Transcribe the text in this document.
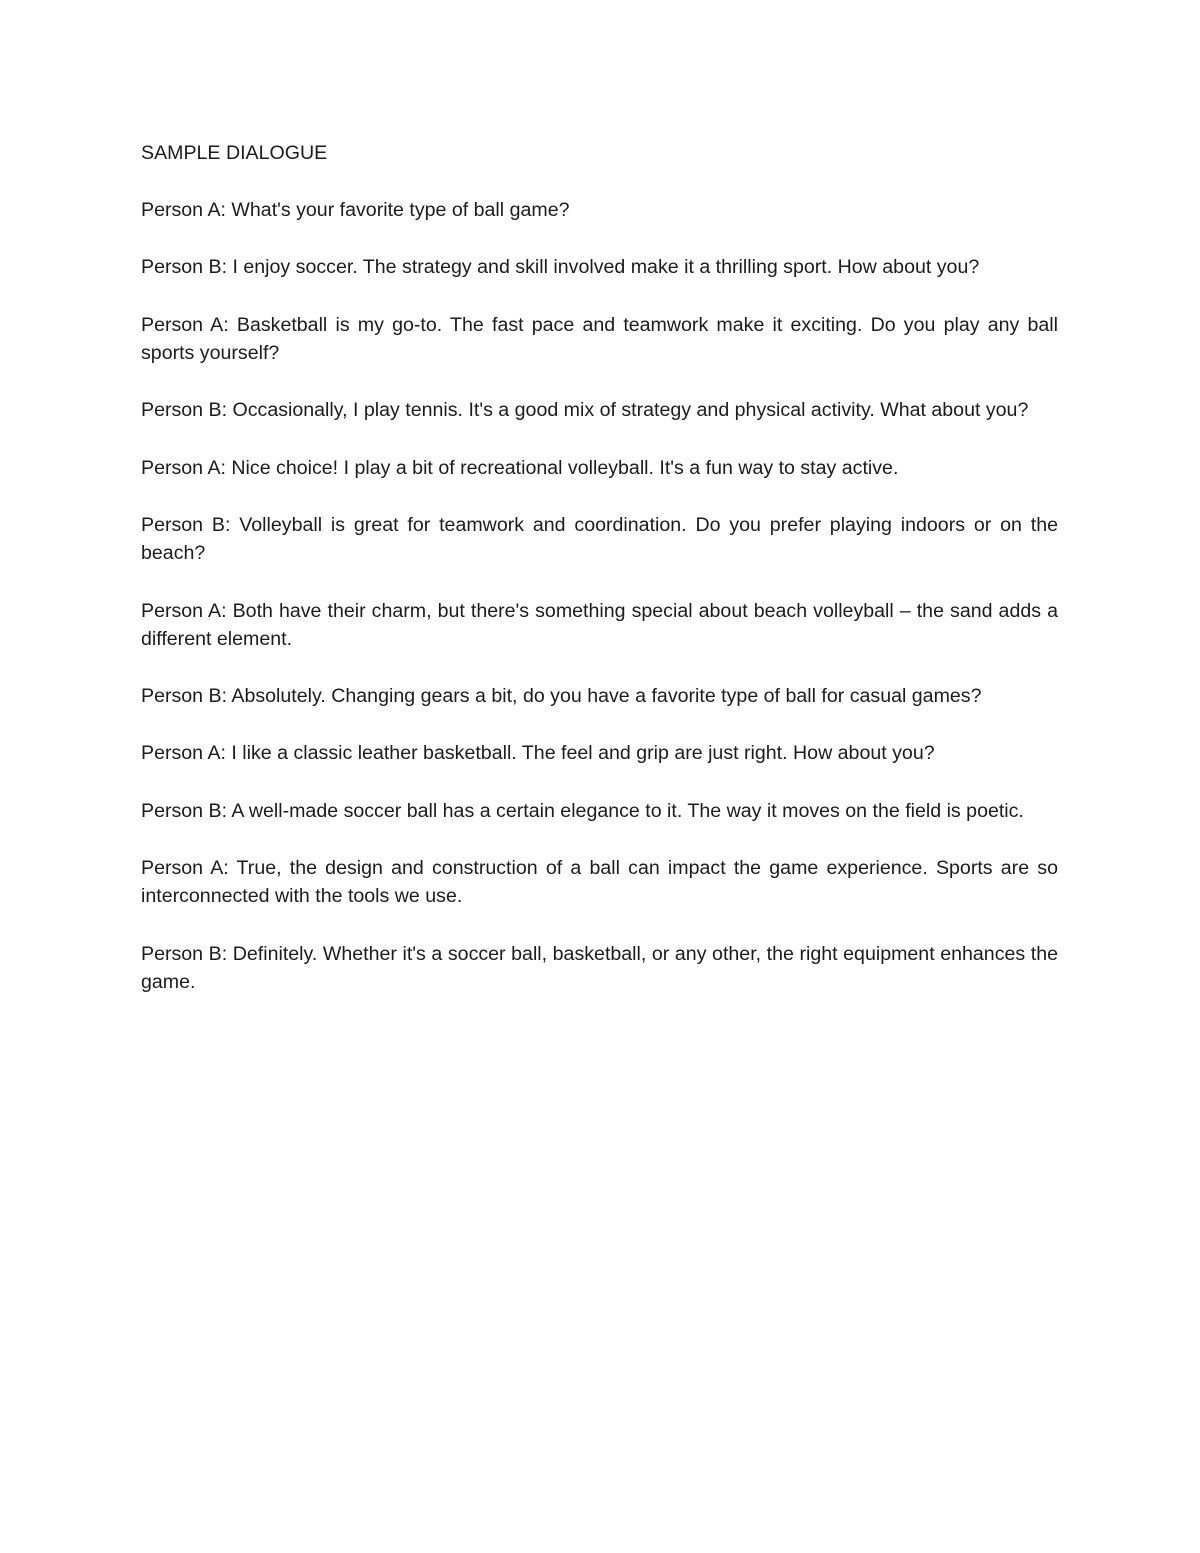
SAMPLE DIALOGUE

Person A: What's your favorite type of ball game?

Person B: I enjoy soccer. The strategy and skill involved make it a thrilling sport. How about you?

Person A: Basketball is my go-to. The fast pace and teamwork make it exciting. Do you play any ball sports yourself?

Person B: Occasionally, I play tennis. It's a good mix of strategy and physical activity. What about you?

Person A: Nice choice! I play a bit of recreational volleyball. It's a fun way to stay active.

Person B: Volleyball is great for teamwork and coordination. Do you prefer playing indoors or on the beach?

Person A: Both have their charm, but there's something special about beach volleyball – the sand adds a different element.

Person B: Absolutely. Changing gears a bit, do you have a favorite type of ball for casual games?

Person A: I like a classic leather basketball. The feel and grip are just right. How about you?

Person B: A well-made soccer ball has a certain elegance to it. The way it moves on the field is poetic.

Person A: True, the design and construction of a ball can impact the game experience. Sports are so interconnected with the tools we use.

Person B: Definitely. Whether it's a soccer ball, basketball, or any other, the right equipment enhances the game.
